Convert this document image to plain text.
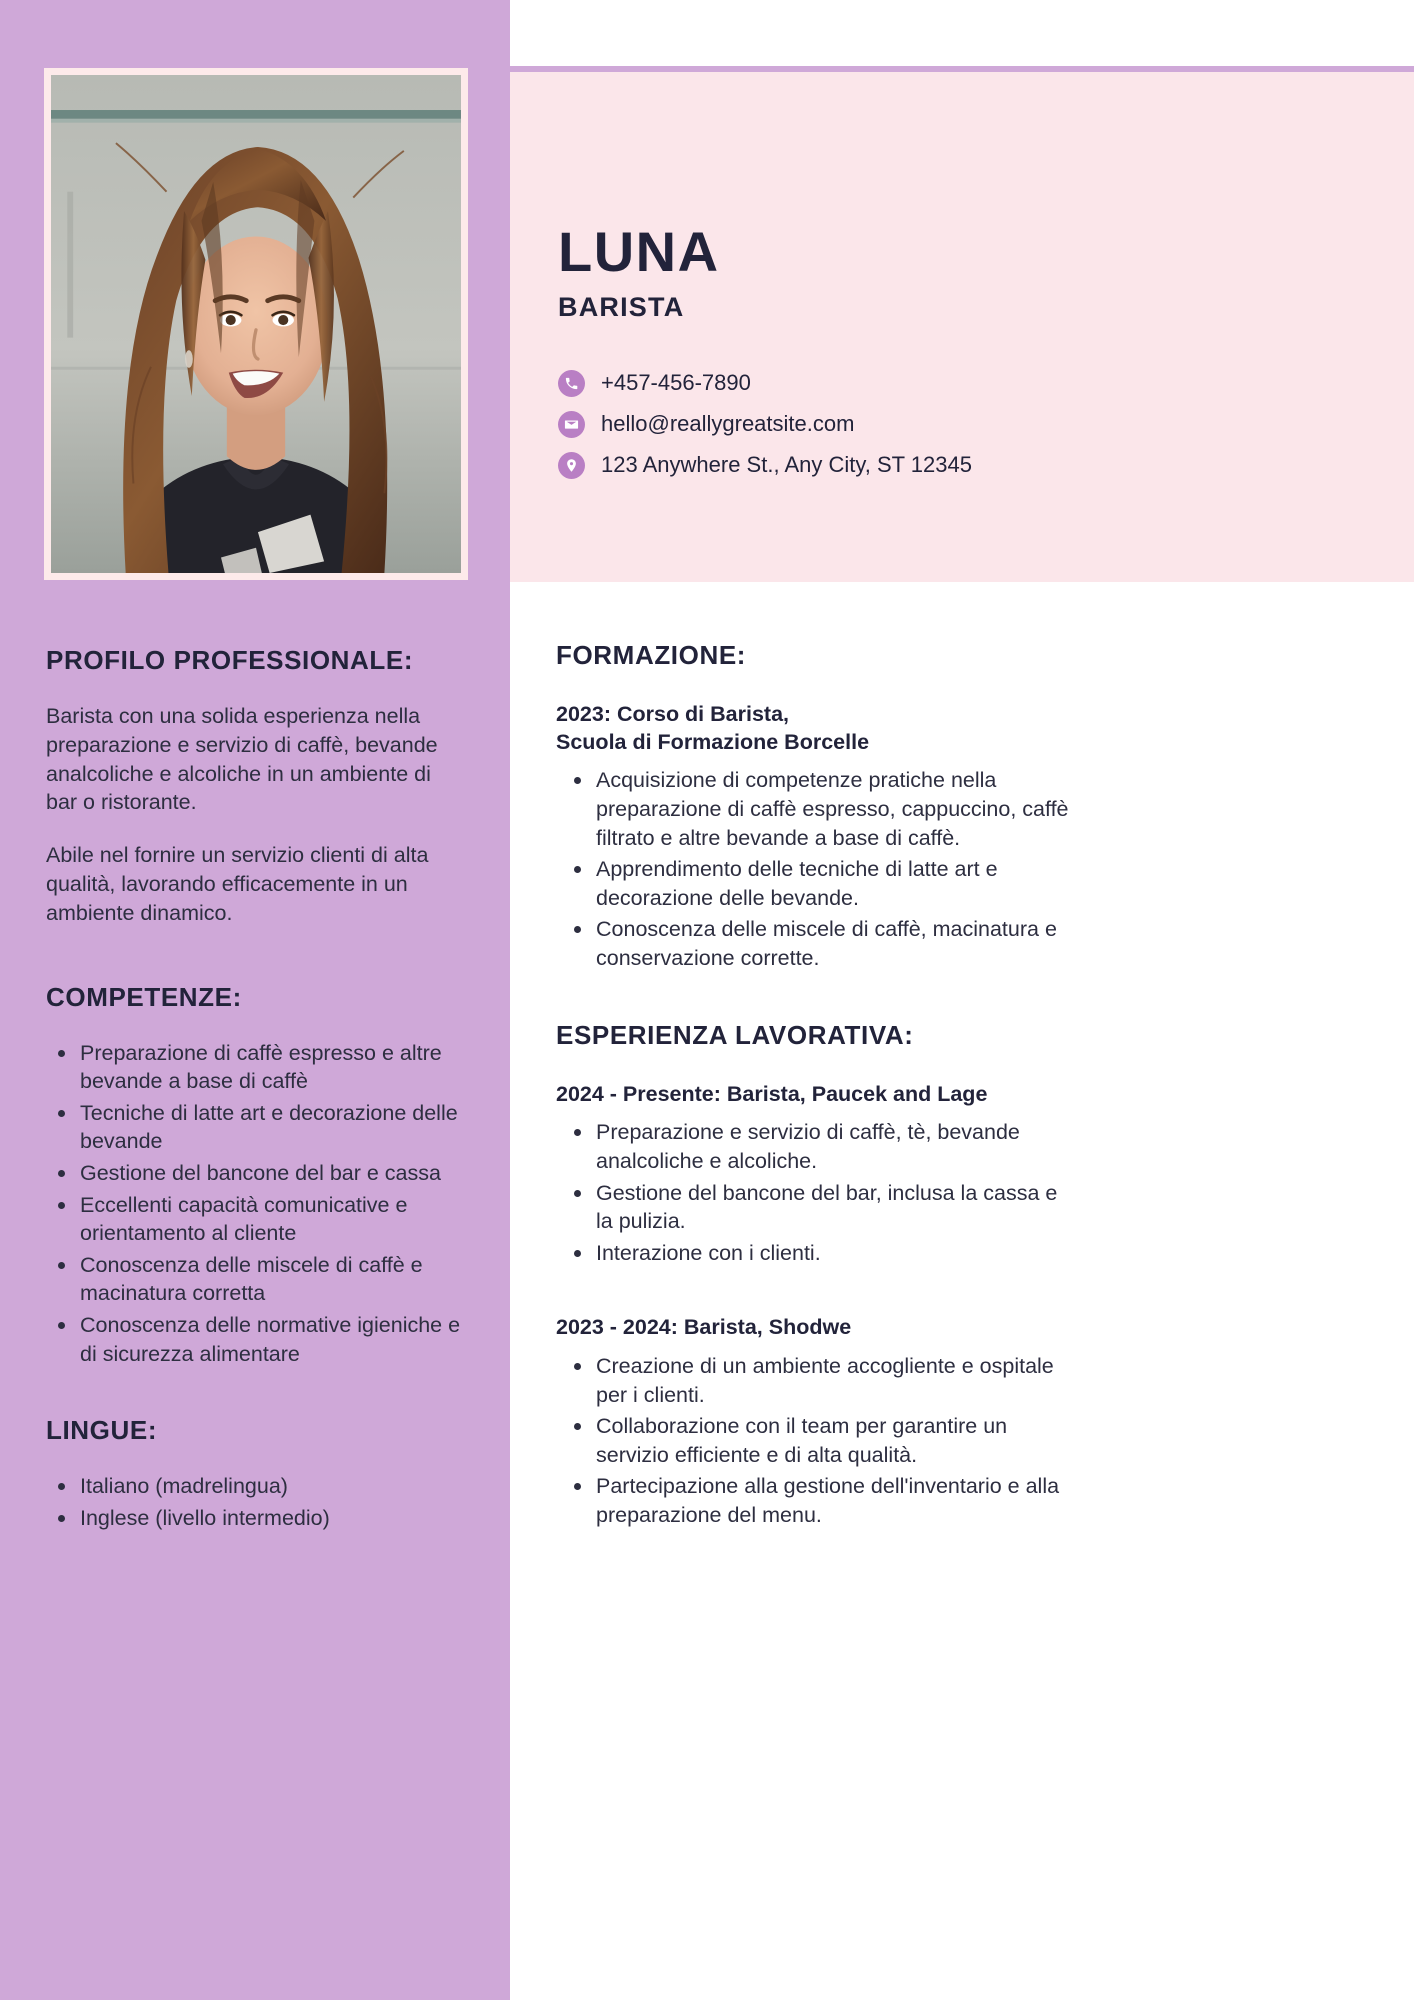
LUNA
BARISTA
+457-456-7890
hello@reallygreatsite.com
123 Anywhere St., Any City, ST 12345
PROFILO PROFESSIONALE:

Barista con una solida esperienza nella preparazione e servizio di caffè, bevande analcoliche e alcoliche in un ambiente di bar o ristorante.

Abile nel fornire un servizio clienti di alta qualità, lavorando efficacemente in un ambiente dinamico.

COMPETENZE:
Preparazione di caffè espresso e altre bevande a base di caffè
Tecniche di latte art e decorazione delle bevande
Gestione del bancone del bar e cassa
Eccellenti capacità comunicative e orientamento al cliente
Conoscenza delle miscele di caffè e macinatura corretta
Conoscenza delle normative igieniche e di sicurezza alimentare
LINGUE:
Italiano (madrelingua)
Inglese (livello intermedio)
FORMAZIONE:

2023: Corso di Barista,
Scuola di Formazione Borcelle

Acquisizione di competenze pratiche nella preparazione di caffè espresso, cappuccino, caffè filtrato e altre bevande a base di caffè.
Apprendimento delle tecniche di latte art e decorazione delle bevande.
Conoscenza delle miscele di caffè, macinatura e conservazione corrette.
ESPERIENZA LAVORATIVA:

2024 - Presente: Barista, Paucek and Lage

Preparazione e servizio di caffè, tè, bevande analcoliche e alcoliche.
Gestione del bancone del bar, inclusa la cassa e la pulizia.
Interazione con i clienti.

2023 - 2024: Barista, Shodwe

Creazione di un ambiente accogliente e ospitale per i clienti.
Collaborazione con il team per garantire un servizio efficiente e di alta qualità.
Partecipazione alla gestione dell'inventario e alla preparazione del menu.
